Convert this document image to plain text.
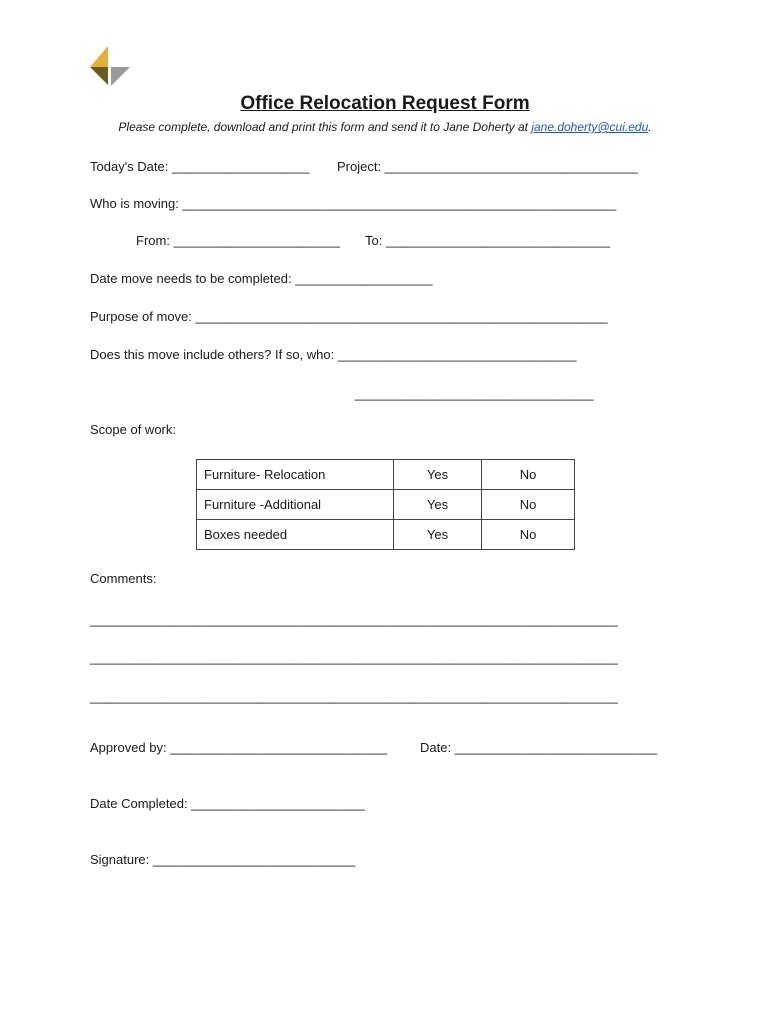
Office Relocation Request Form
Please complete, download and print this form and send it to Jane Doherty at jane.doherty@cui.edu.
Today's Date: ___________________ Project: ___________________________________
Who is moving: ____________________________________________________________
From: _______________________ To: _______________________________
Date move needs to be completed: ___________________
Purpose of move: _________________________________________________________
Does this move include others? If so, who: _________________________________
_________________________________
Scope of work:
Furniture- Relocation	Yes	No
Furniture -Additional	Yes	No
Boxes needed	Yes	No
Comments:
_________________________________________________________________________
_________________________________________________________________________
_________________________________________________________________________
Approved by: ______________________________	Date: ____________________________
Date Completed: ________________________
Signature: ____________________________
